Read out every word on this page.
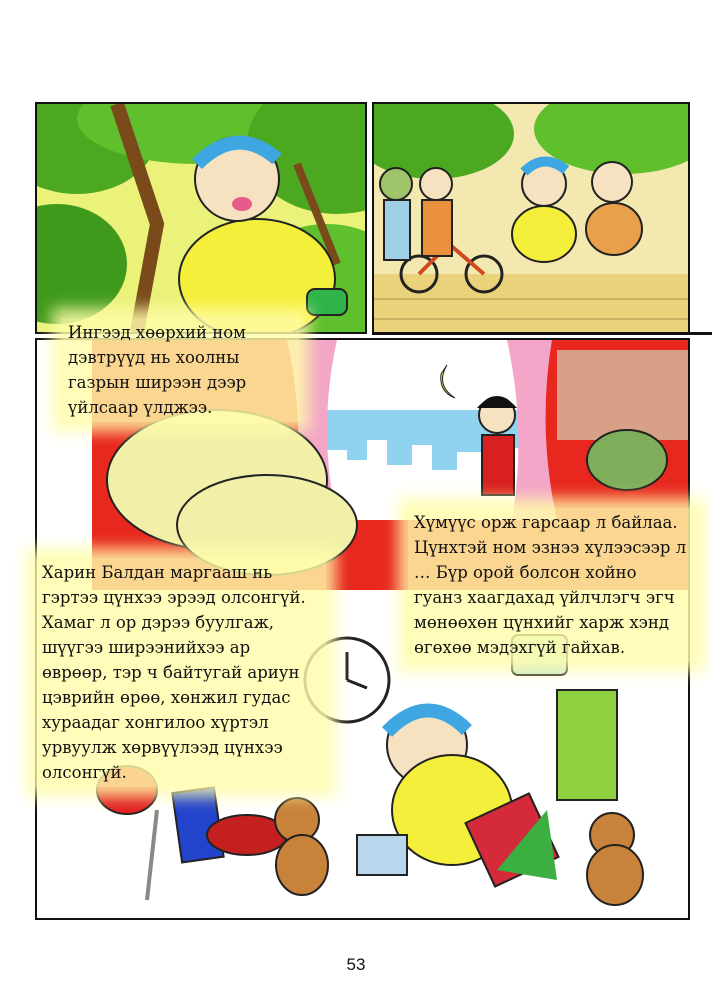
Ингээд хөөрхий ном дэвтрүүд нь хоолны газрын ширээн дээр үйлсаар үлджээ.
Хүмүүс орж гарсаар л байлаа. Цүнхтэй ном эзнээ хүлээсээр л … Бүр орой болсон хойно гуанз хаагдахад үйлчлэгч эгч мөнөөхөн цүнхийг харж хэнд өгөхөө мэдэхгүй гайхав.
Харин Балдан маргааш нь гэртээ цүнхээ эрээд олсонгүй. Хамаг л ор дэрээ буулгаж, шүүгээ ширээнийхээ ар өврөөр, тэр ч байтугай ариун цэврийн өрөө, хөнжил гудас хураадаг хонгилоо хүртэл урвуулж хөрвүүлээд цүнхээ олсонгүй.
53
